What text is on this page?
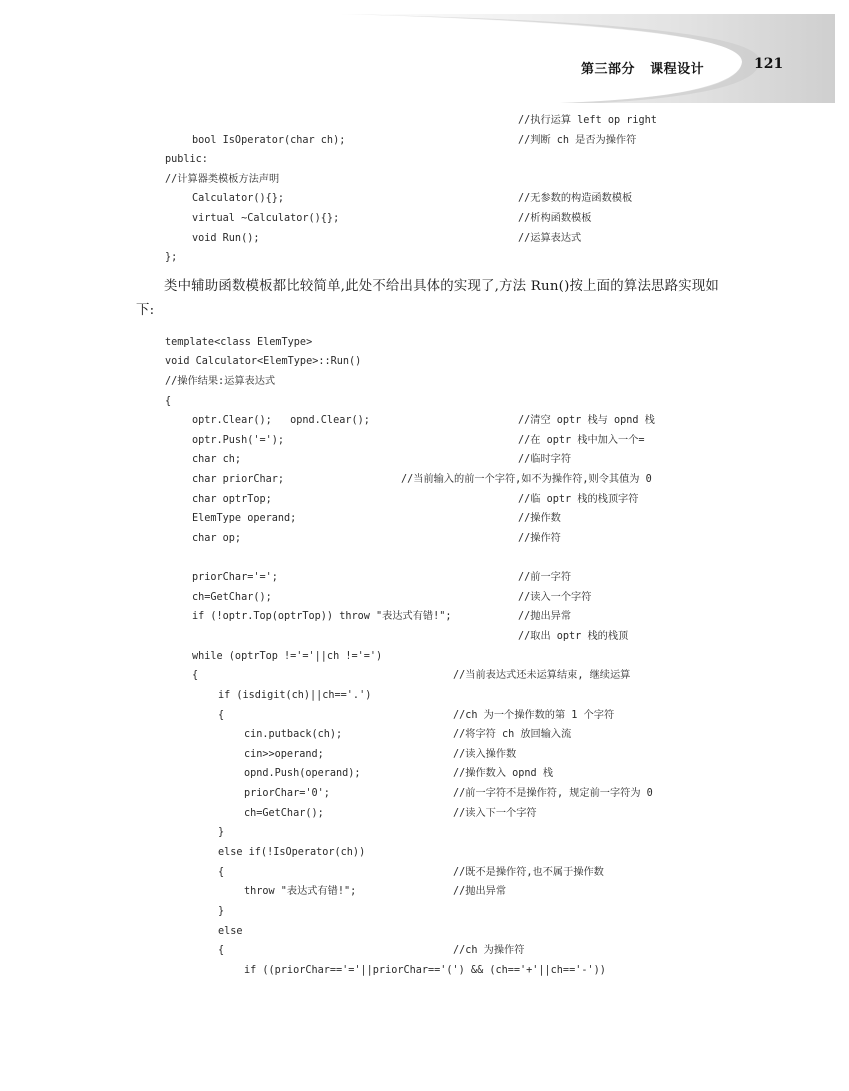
第三部分 课程设计	121
//执行运算 left op right
bool IsOperator(char ch);	//判断 ch 是否为操作符
public:
//计算器类模板方法声明
Calculator(){};	//无参数的构造函数模板
virtual ~Calculator(){};	//析构函数模板
void Run();	//运算表达式
};
类中辅助函数模板都比较简单,此处不给出具体的实现了,方法 Run()按上面的算法思路实现如下:
template<class ElemType>
void Calculator<ElemType>::Run()
//操作结果:运算表达式
{
optr.Clear();   opnd.Clear();	//清空 optr 栈与 opnd 栈
optr.Push('=');	//在 optr 栈中加入一个=
char ch;	//临时字符
char priorChar;	//当前输入的前一个字符,如不为操作符,则令其值为 0
char optrTop;	//临 optr 栈的栈顶字符
ElemType operand;	//操作数
char op;	//操作符
priorChar='=';	//前一字符
ch=GetChar();	//读入一个字符
if (!optr.Top(optrTop)) throw "表达式有错!";	//抛出异常
//取出 optr 栈的栈顶
while (optrTop !='='||ch !='=')
{	//当前表达式还未运算结束, 继续运算
if (isdigit(ch)||ch=='.')
{	//ch 为一个操作数的第 1 个字符
cin.putback(ch);	//将字符 ch 放回输入流
cin>>operand;	//读入操作数
opnd.Push(operand);	//操作数入 opnd 栈
priorChar='0';	//前一字符不是操作符, 规定前一字符为 0
ch=GetChar();	//读入下一个字符
}
else if(!IsOperator(ch))
{	//既不是操作符,也不属于操作数
throw "表达式有错!";	//抛出异常
}
else
{	//ch 为操作符
if ((priorChar=='='||priorChar=='(') && (ch=='+'||ch=='-'))
